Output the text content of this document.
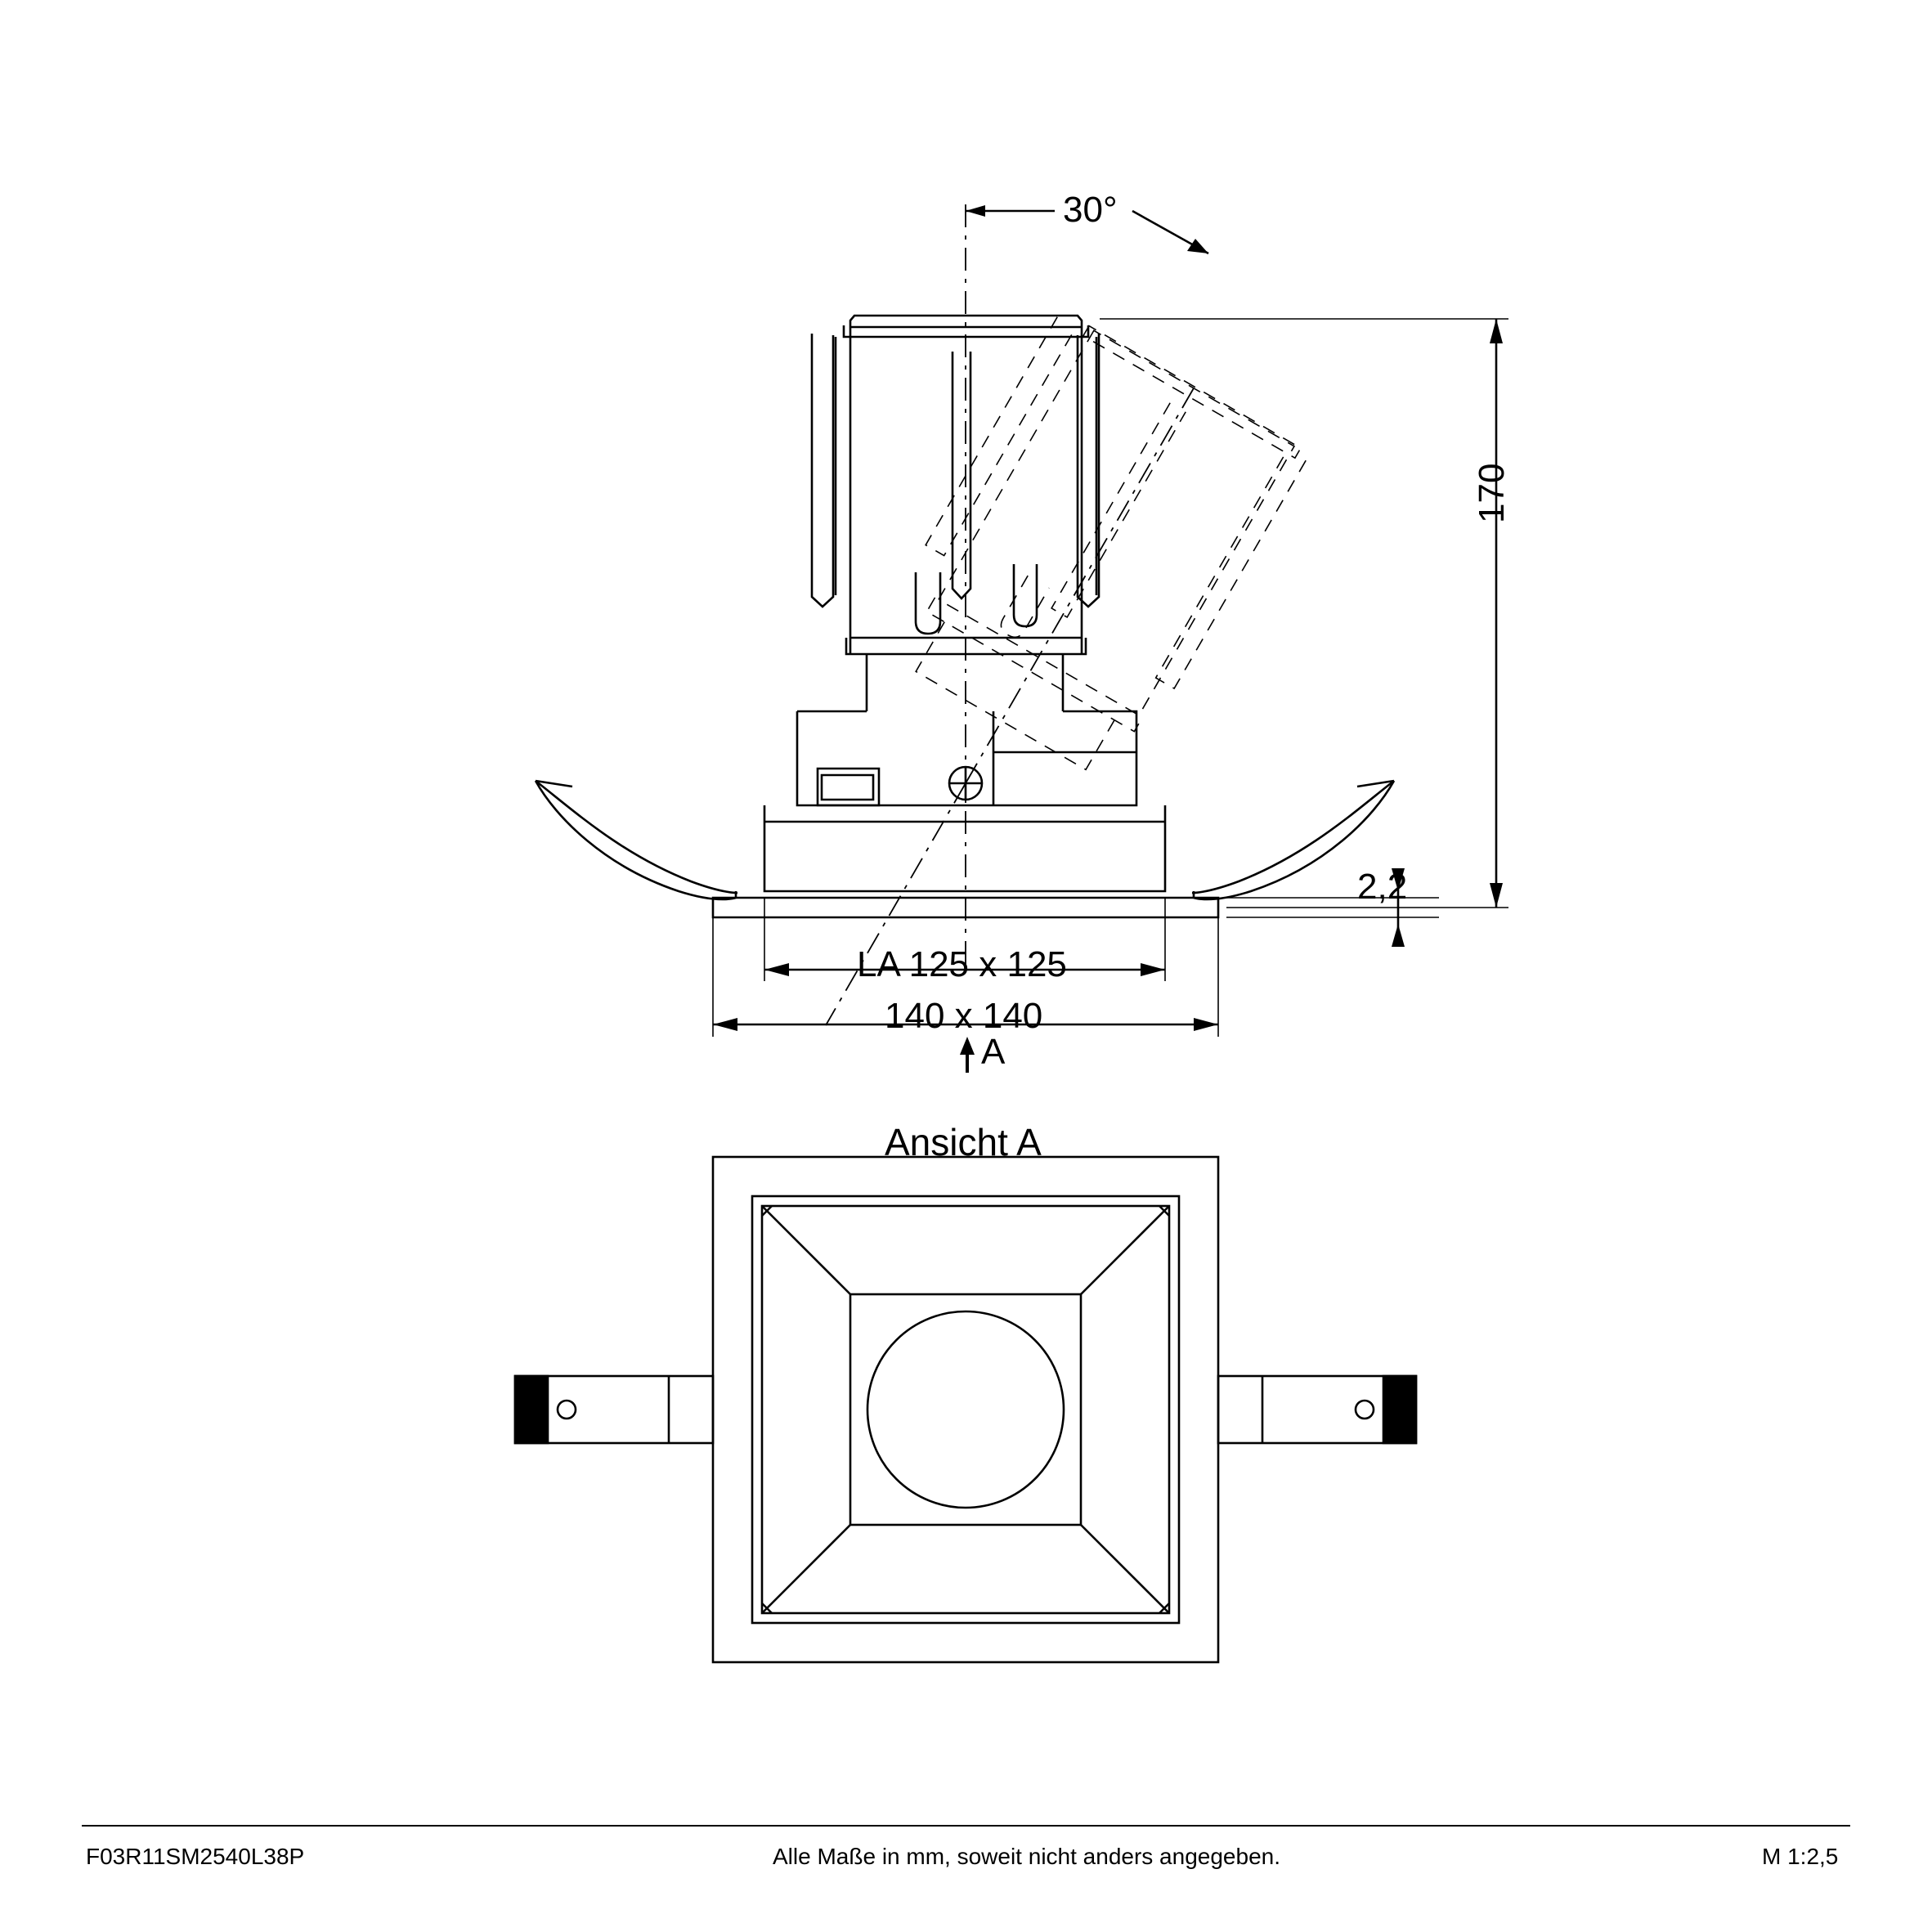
30°
170
2,2
LA 125 x 125
140 x 140
A
Ansicht A
F03R11SM2540L38P	Alle Maße in mm, soweit nicht anders angegeben.	M 1:2,5
